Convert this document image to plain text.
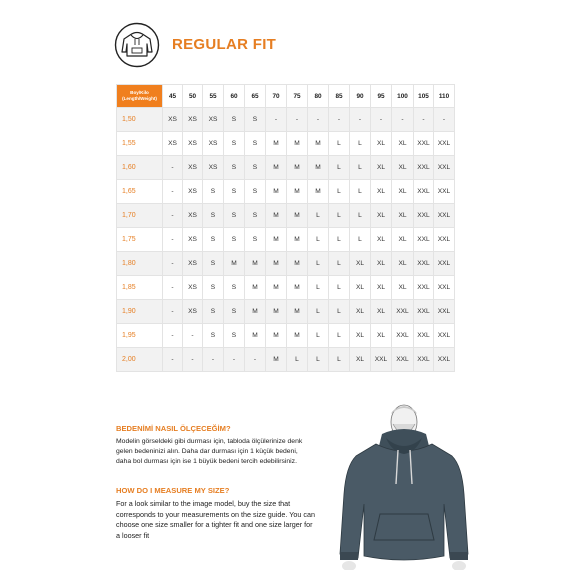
REGULAR FIT
Boy/Kilo
(Length/Weight)	45	50	55	60	65	70	75	80	85	90	95	100	105	110
1,50	XS	XS	XS	S	S	-	-	-	-	-	-	-	-	-
1,55	XS	XS	XS	S	S	M	M	M	L	L	XL	XL	XXL	XXL
1,60	-	XS	XS	S	S	M	M	M	L	L	XL	XL	XXL	XXL
1,65	-	XS	S	S	S	M	M	M	L	L	XL	XL	XXL	XXL
1,70	-	XS	S	S	S	M	M	L	L	L	XL	XL	XXL	XXL
1,75	-	XS	S	S	S	M	M	L	L	L	XL	XL	XXL	XXL
1,80	-	XS	S	M	M	M	M	L	L	XL	XL	XL	XXL	XXL
1,85	-	XS	S	S	M	M	M	L	L	XL	XL	XL	XXL	XXL
1,90	-	XS	S	S	M	M	M	L	L	XL	XL	XXL	XXL	XXL
1,95	-	-	S	S	M	M	M	L	L	XL	XL	XXL	XXL	XXL
2,00	-	-	-	-	-	M	L	L	L	XL	XXL	XXL	XXL	XXL
BEDENİMİ NASIL ÖLÇECEĞİM?

Modelin görseldeki gibi durması için, tabloda ölçülerinize denk

gelen bedeninizi alın. Daha dar durması için 1 küçük bedeni,

daha bol durması için ise 1 büyük bedeni tercih edebilirsiniz.

HOW DO I MEASURE MY SIZE?

For a look similar to the image model, buy the size that

corresponds to your measurements on the size guide. You can

choose one size smaller for a tighter fit and one size larger for

a looser fit
